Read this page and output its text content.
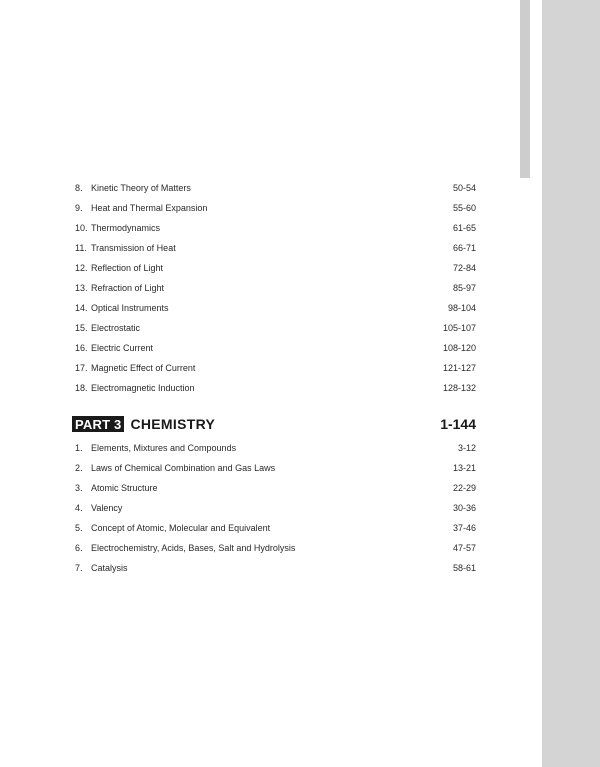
8. Kinetic Theory of Matters	50-54
9. Heat and Thermal Expansion	55-60
10. Thermodynamics	61-65
11. Transmission of Heat	66-71
12. Reflection of Light	72-84
13. Refraction of Light	85-97
14. Optical Instruments	98-104
15. Electrostatic	105-107
16. Electric Current	108-120
17. Magnetic Effect of Current	121-127
18. Electromagnetic Induction	128-132
PART 3 CHEMISTRY	1-144
1. Elements, Mixtures and Compounds	3-12
2. Laws of Chemical Combination and Gas Laws	13-21
3. Atomic Structure	22-29
4. Valency	30-36
5. Concept of Atomic, Molecular and Equivalent	37-46
6. Electrochemistry, Acids, Bases, Salt and Hydrolysis	47-57
7. Catalysis	58-61
